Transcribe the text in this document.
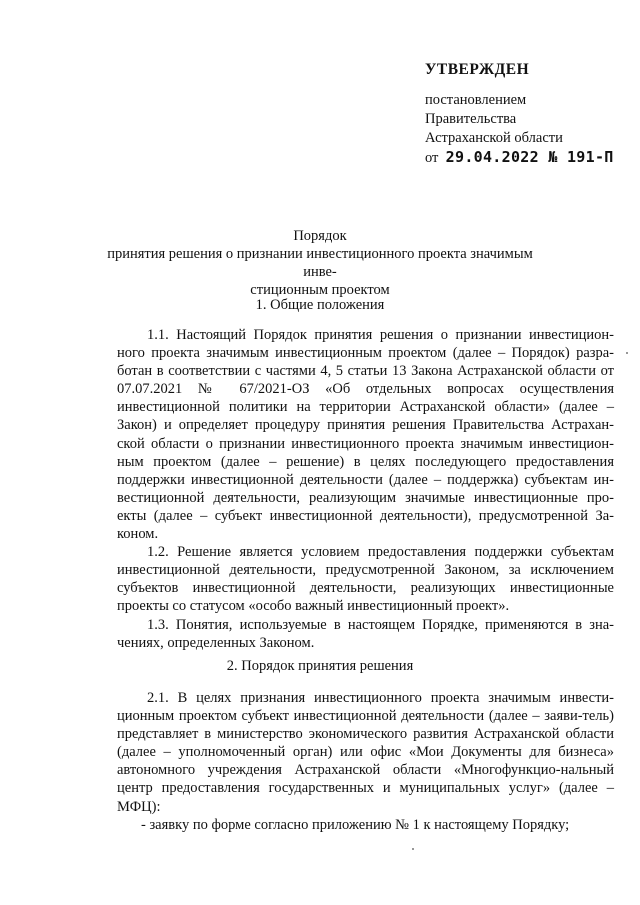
УТВЕРЖДЕН
постановлением
Правительства
Астраханской области
от 29.04.2022 № 191-П
Порядок
принятия решения о признании инвестиционного проекта значимым инве-
стиционным проектом
1. Общие положения

1.1. Настоящий Порядок принятия решения о признании инвестицион-ного проекта значимым инвестиционным проектом (далее – Порядок) разра-ботан в соответствии с частями 4, 5 статьи 13 Закона Астраханской области от 07.07.2021 № 67/2021-ОЗ «Об отдельных вопросах осуществления инвестиционной политики на территории Астраханской области» (далее – Закон) и определяет процедуру принятия решения Правительства Астрахан-ской области о признании инвестиционного проекта значимым инвестицион-ным проектом (далее – решение) в целях последующего предоставления поддержки инвестиционной деятельности (далее – поддержка) субъектам ин-вестиционной деятельности, реализующим значимые инвестиционные про-екты (далее – субъект инвестиционной деятельности), предусмотренной За-коном.

1.2. Решение является условием предоставления поддержки субъектам инвестиционной деятельности, предусмотренной Законом, за исключением субъектов инвестиционной деятельности, реализующих инвестиционные проекты со статусом «особо важный инвестиционный проект».

1.3. Понятия, используемые в настоящем Порядке, применяются в зна-чениях, определенных Законом.

2. Порядок принятия решения

2.1. В целях признания инвестиционного проекта значимым инвести-ционным проектом субъект инвестиционной деятельности (далее – заяви-тель) представляет в министерство экономического развития Астраханской области (далее – уполномоченный орган) или офис «Мои Документы для бизнеса» автономного учреждения Астраханской области «Многофункцио-нальный центр предоставления государственных и муниципальных услуг» (далее – МФЦ):

- заявку по форме согласно приложению № 1 к настоящему Порядку;
